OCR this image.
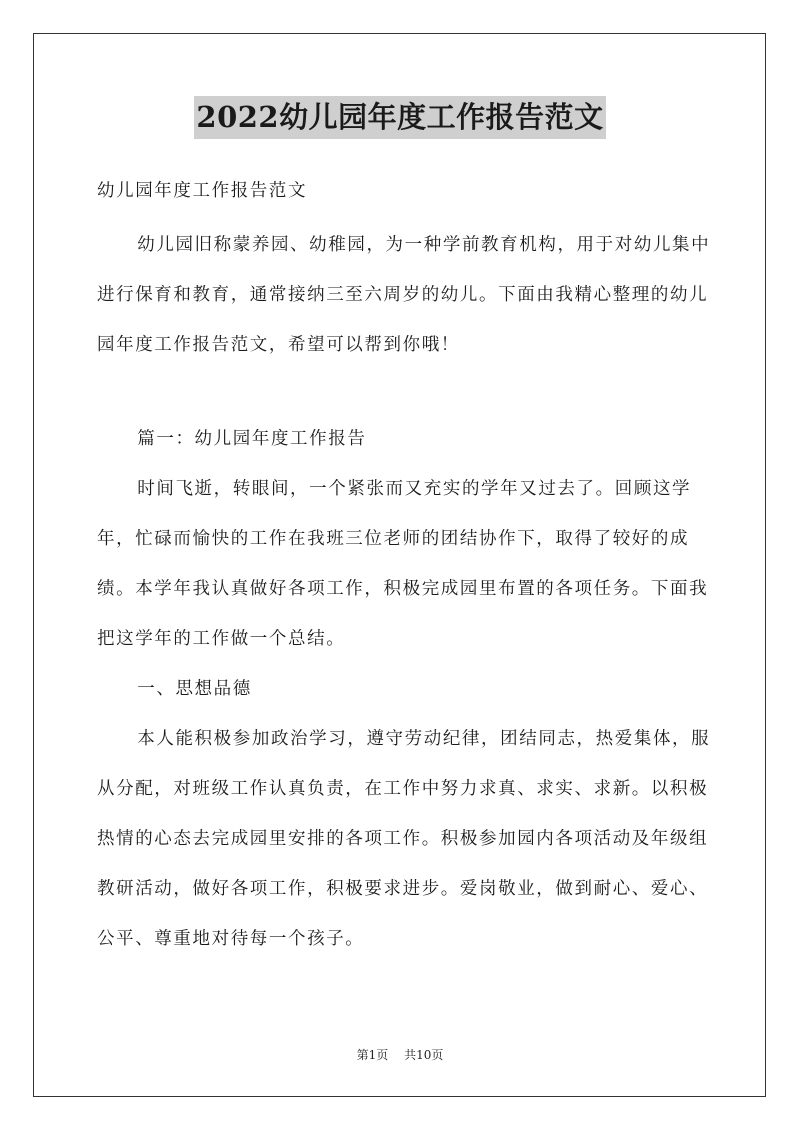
2022幼儿园年度工作报告范文

幼儿园年度工作报告范文

幼儿园旧称蒙养园、幼稚园，为一种学前教育机构，用于对幼儿集中进行保育和教育，通常接纳三至六周岁的幼儿。下面由我精心整理的幼儿园年度工作报告范文，希望可以帮到你哦！

篇一：幼儿园年度工作报告

时间飞逝，转眼间，一个紧张而又充实的学年又过去了。回顾这学年，忙碌而愉快的工作在我班三位老师的团结协作下，取得了较好的成绩。本学年我认真做好各项工作，积极完成园里布置的各项任务。下面我把这学年的工作做一个总结。

一、思想品德

本人能积极参加政治学习，遵守劳动纪律，团结同志，热爱集体，服从分配，对班级工作认真负责，在工作中努力求真、求实、求新。以积极热情的心态去完成园里安排的各项工作。积极参加园内各项活动及年级组教研活动，做好各项工作，积极要求进步。爱岗敬业，做到耐心、爱心、公平、尊重地对待每一个孩子。

第1页 共10页
